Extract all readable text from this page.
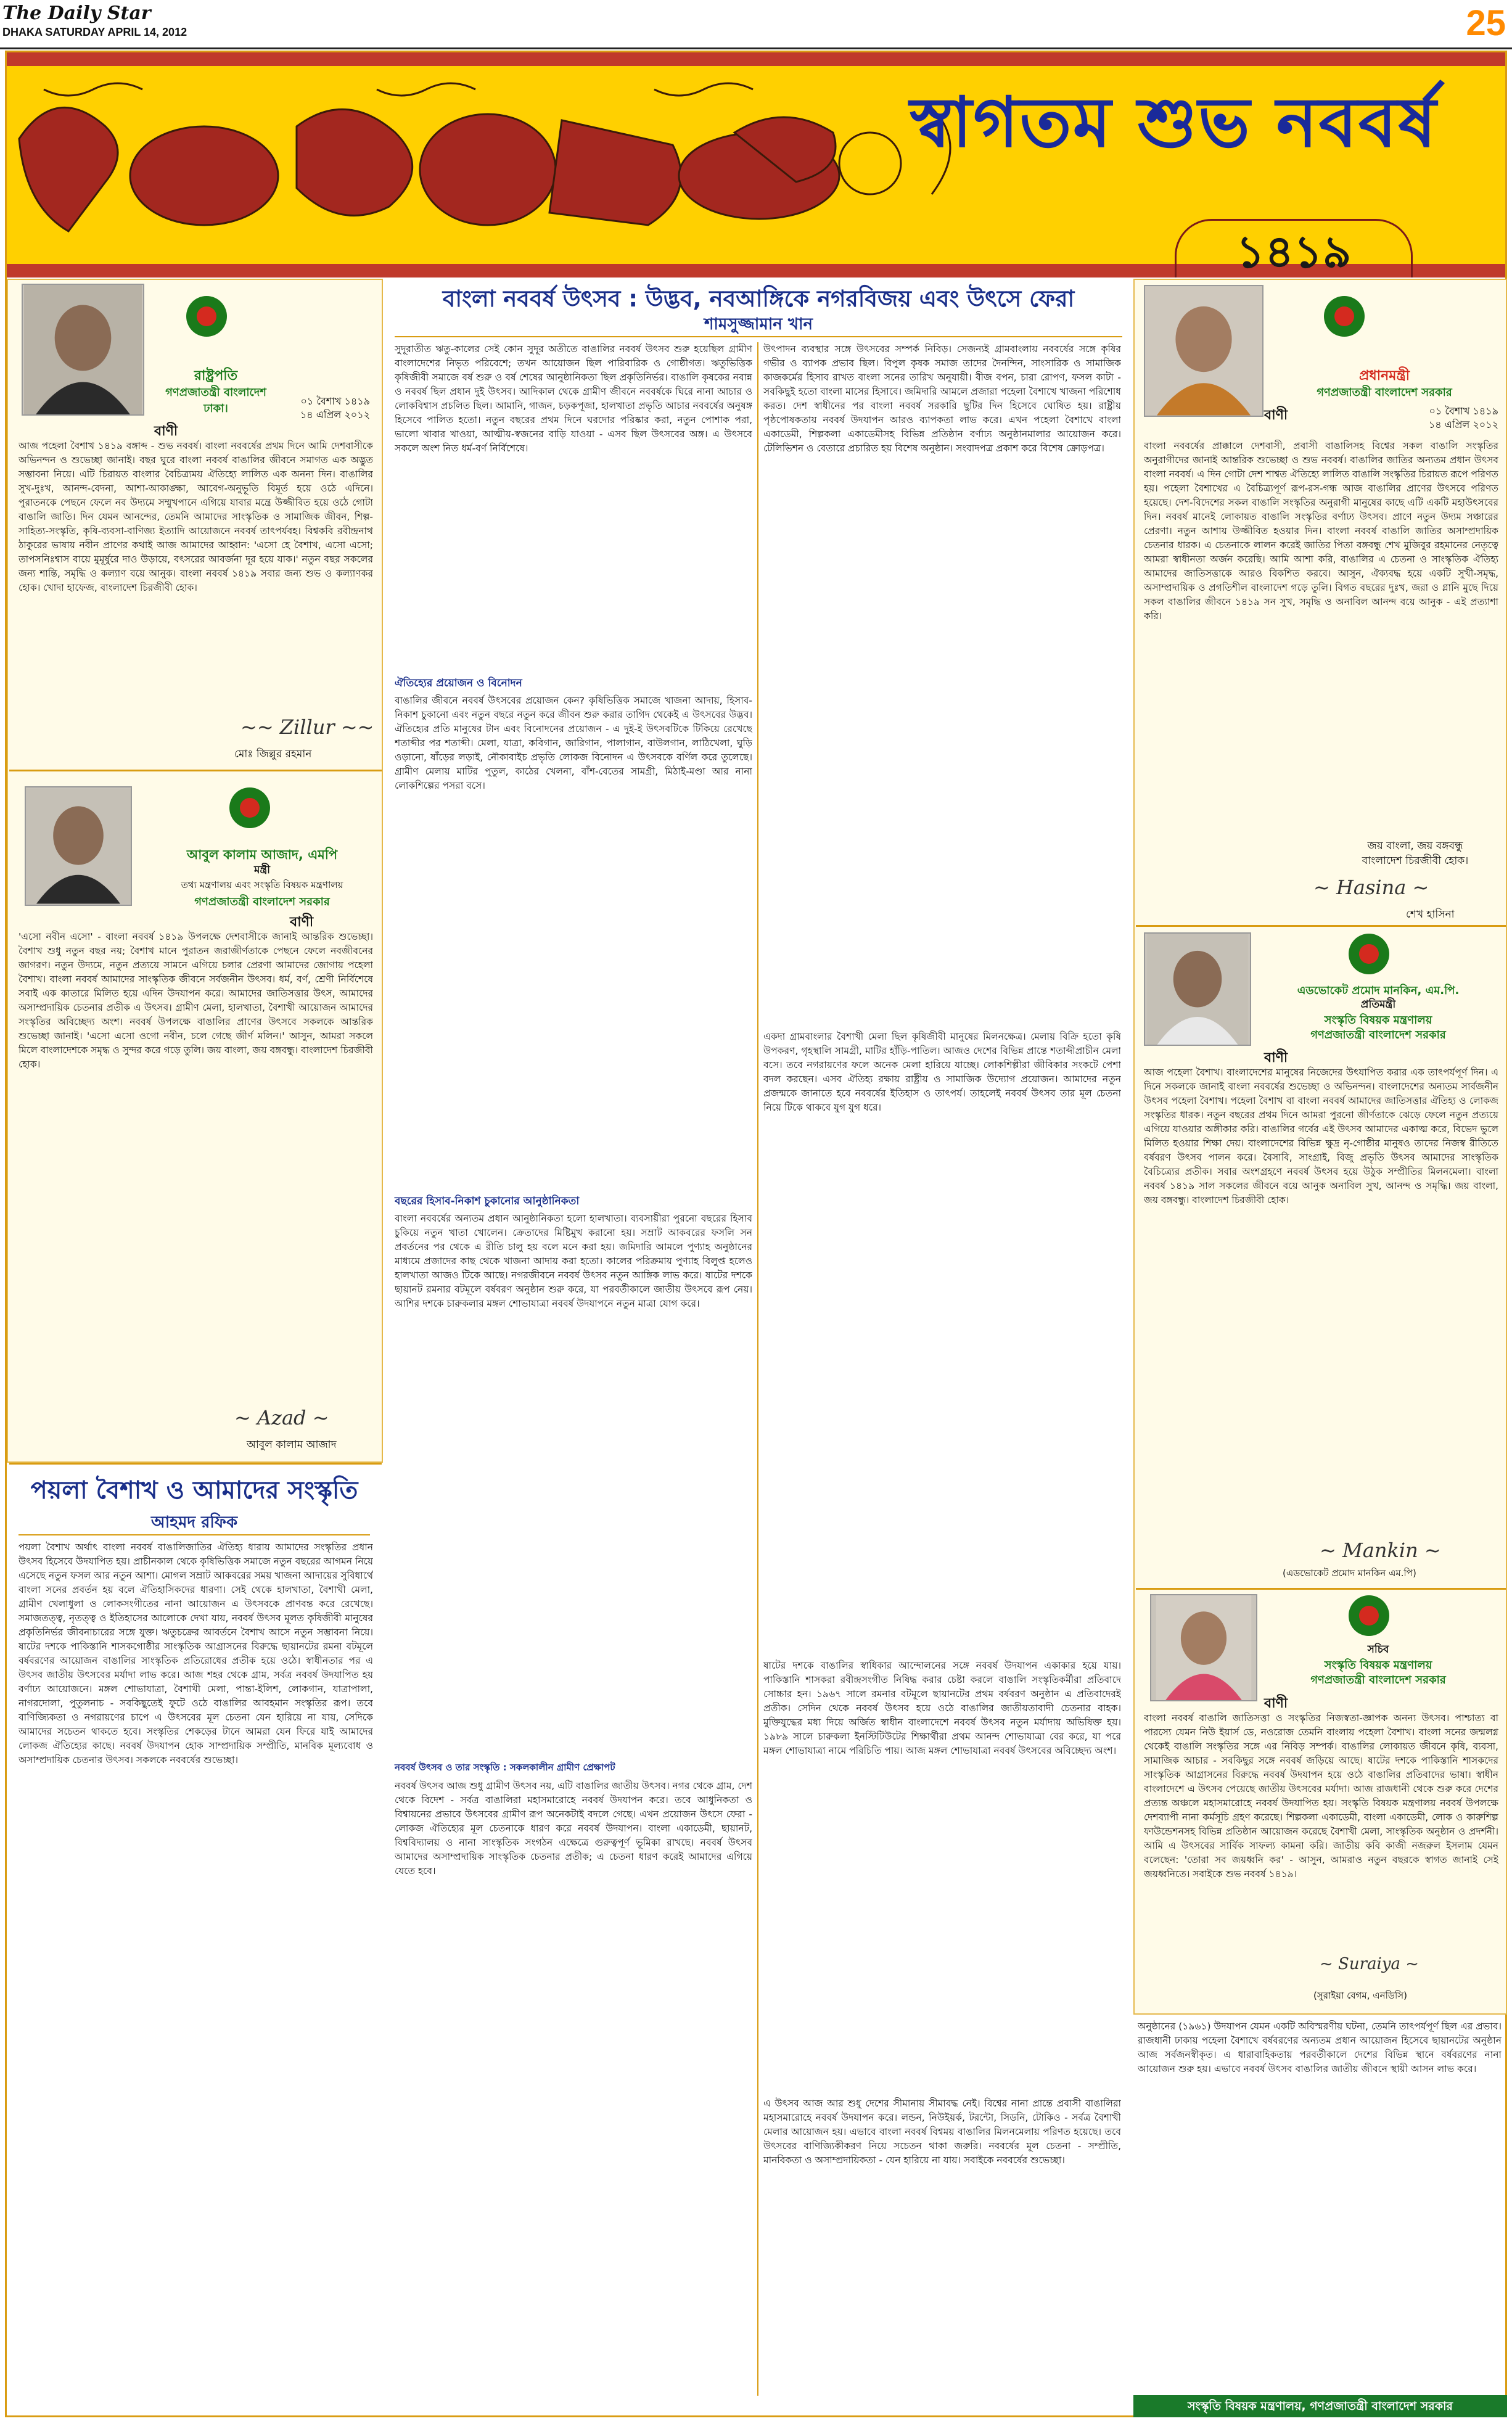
The Daily Star
DHAKA SATURDAY APRIL 14, 2012	25
স্বাগতম শুভ নববর্ষ
১৪১৯
রাষ্ট্রপতি
গণপ্রজাতন্ত্রী বাংলাদেশ
ঢাকা।
০১ বৈশাখ ১৪১৯
১৪ এপ্রিল ২০১২
বাণী
আজ পহেলা বৈশাখ ১৪১৯ বঙ্গাব্দ - শুভ নববর্ষ। বাংলা নববর্ষের প্রথম দিনে আমি দেশবাসীকে অভিনন্দন ও শুভেচ্ছা জানাই। বছর ঘুরে বাংলা নববর্ষ বাঙালির জীবনে সমাগত এক অদ্ভুত সম্ভাবনা নিয়ে। এটি চিরায়ত বাংলার বৈচিত্র্যময় ঐতিহ্যে লালিত এক অনন্য দিন। বাঙালির সুখ-দুঃখ, আনন্দ-বেদনা, আশা-আকাঙ্ক্ষা, আবেগ-অনুভূতি বিমূর্ত হয়ে ওঠে এদিনে। পুরাতনকে পেছনে ফেলে নব উদ্যমে সম্মুখপানে এগিয়ে যাবার মন্ত্রে উজ্জীবিত হয়ে ওঠে গোটা বাঙালি জাতি। দিন যেমন আনন্দের, তেমনি আমাদের সাংস্কৃতিক ও সামাজিক জীবন, শিল্প-সাহিত্য-সংস্কৃতি, কৃষি-ব্যবসা-বাণিজ্য ইত্যাদি আয়োজনে নববর্ষ তাৎপর্যবহ। বিশ্বকবি রবীন্দ্রনাথ ঠাকুরের ভাষায় নবীন প্রাণের কথাই আজ আমাদের আহ্বান: 'এসো হে বৈশাখ, এসো এসো; তাপসনিঃশ্বাস বায়ে মুমূর্ষুরে দাও উড়ায়ে, বৎসরের আবর্জনা দূর হয়ে যাক।' নতুন বছর সকলের জন্য শান্তি, সমৃদ্ধি ও কল্যাণ বয়ে আনুক। বাংলা নববর্ষ ১৪১৯ সবার জন্য শুভ ও কল্যাণকর হোক। খোদা হাফেজ, বাংলাদেশ চিরজীবী হোক।
~~ Zillur ~~
মোঃ জিল্লুর রহমান
আবুল কালাম আজাদ, এমপি
মন্ত্রী
তথ্য মন্ত্রণালয় এবং সংস্কৃতি বিষয়ক মন্ত্রণালয়
গণপ্রজাতন্ত্রী বাংলাদেশ সরকার
বাণী
'এসো নবীন এসো' - বাংলা নববর্ষ ১৪১৯ উপলক্ষে দেশবাসীকে জানাই আন্তরিক শুভেচ্ছা। বৈশাখ শুধু নতুন বছর নয়; বৈশাখ মানে পুরাতন জরাজীর্ণতাকে পেছনে ফেলে নবজীবনের জাগরণ। নতুন উদ্যমে, নতুন প্রত্যয়ে সামনে এগিয়ে চলার প্রেরণা আমাদের জোগায় পহেলা বৈশাখ। বাংলা নববর্ষ আমাদের সাংস্কৃতিক জীবনে সর্বজনীন উৎসব। ধর্ম, বর্ণ, শ্রেণী নির্বিশেষে সবাই এক কাতারে মিলিত হয়ে এদিন উদযাপন করে। আমাদের জাতিসত্তার উৎস, আমাদের অসাম্প্রদায়িক চেতনার প্রতীক এ উৎসব। গ্রামীণ মেলা, হালখাতা, বৈশাখী আয়োজন আমাদের সংস্কৃতির অবিচ্ছেদ্য অংশ। নববর্ষ উপলক্ষে বাঙালির প্রাণের উৎসবে সকলকে আন্তরিক শুভেচ্ছা জানাই। 'এসো এসো ওগো নবীন, চলে গেছে জীর্ণ মলিন।' আসুন, আমরা সকলে মিলে বাংলাদেশকে সমৃদ্ধ ও সুন্দর করে গড়ে তুলি। জয় বাংলা, জয় বঙ্গবন্ধু। বাংলাদেশ চিরজীবী হোক।
~ Azad ~
আবুল কালাম আজাদ
পয়লা বৈশাখ ও আমাদের সংস্কৃতি
আহমদ রফিক
পয়লা বৈশাখ অর্থাৎ বাংলা নববর্ষ বাঙালিজাতির ঐতিহ্য ধারায় আমাদের সংস্কৃতির প্রধান উৎসব হিসেবে উদযাপিত হয়। প্রাচীনকাল থেকে কৃষিভিত্তিক সমাজে নতুন বছরের আগমন নিয়ে এসেছে নতুন ফসল আর নতুন আশা। মোগল সম্রাট আকবরের সময় খাজনা আদায়ের সুবিধার্থে বাংলা সনের প্রবর্তন হয় বলে ঐতিহাসিকদের ধারণা। সেই থেকে হালখাতা, বৈশাখী মেলা, গ্রামীণ খেলাধুলা ও লোকসংগীতের নানা আয়োজন এ উৎসবকে প্রাণবন্ত করে রেখেছে। সমাজতত্ত্ব, নৃতত্ত্ব ও ইতিহাসের আলোকে দেখা যায়, নববর্ষ উৎসব মূলত কৃষিজীবী মানুষের প্রকৃতিনির্ভর জীবনাচারের সঙ্গে যুক্ত। ঋতুচক্রের আবর্তনে বৈশাখ আসে নতুন সম্ভাবনা নিয়ে। ষাটের দশকে পাকিস্তানি শাসকগোষ্ঠীর সাংস্কৃতিক আগ্রাসনের বিরুদ্ধে ছায়ানটের রমনা বটমূলে বর্ষবরণের আয়োজন বাঙালির সাংস্কৃতিক প্রতিরোধের প্রতীক হয়ে ওঠে। স্বাধীনতার পর এ উৎসব জাতীয় উৎসবের মর্যাদা লাভ করে। আজ শহর থেকে গ্রাম, সর্বত্র নববর্ষ উদযাপিত হয় বর্ণাঢ্য আয়োজনে। মঙ্গল শোভাযাত্রা, বৈশাখী মেলা, পান্তা-ইলিশ, লোকগান, যাত্রাপালা, নাগরদোলা, পুতুলনাচ - সবকিছুতেই ফুটে ওঠে বাঙালির আবহমান সংস্কৃতির রূপ। তবে বাণিজ্যিকতা ও নগরায়ণের চাপে এ উৎসবের মূল চেতনা যেন হারিয়ে না যায়, সেদিকে আমাদের সচেতন থাকতে হবে। সংস্কৃতির শেকড়ের টানে আমরা যেন ফিরে যাই আমাদের লোকজ ঐতিহ্যের কাছে। নববর্ষ উদযাপন হোক সাম্প্রদায়িক সম্প্রীতি, মানবিক মূল্যবোধ ও অসাম্প্রদায়িক চেতনার উৎসব। সকলকে নববর্ষের শুভেচ্ছা।
বাংলা নববর্ষ উৎসব : উদ্ভব, নবআঙ্গিকে নগরবিজয় এবং উৎসে ফেরা
শামসুজ্জামান খান
সুদূরাতীত ঋতু-কালের সেই কোন সুদূর অতীতে বাঙালির নববর্ষ উৎসব শুরু হয়েছিল গ্রামীণ বাংলাদেশের নিভৃত পরিবেশে; তখন আয়োজন ছিল পারিবারিক ও গোষ্ঠীগত। ঋতুভিত্তিক কৃষিজীবী সমাজে বর্ষ শুরু ও বর্ষ শেষের আনুষ্ঠানিকতা ছিল প্রকৃতিনির্ভর। বাঙালি কৃষকের নবান্ন ও নববর্ষ ছিল প্রধান দুই উৎসব। আদিকাল থেকে গ্রামীণ জীবনে নববর্ষকে ঘিরে নানা আচার ও লোকবিশ্বাস প্রচলিত ছিল। আমানি, গাজন, চড়কপূজা, হালখাতা প্রভৃতি আচার নববর্ষের অনুষঙ্গ হিসেবে পালিত হতো। নতুন বছরের প্রথম দিনে ঘরদোর পরিষ্কার করা, নতুন পোশাক পরা, ভালো খাবার খাওয়া, আত্মীয়-স্বজনের বাড়ি যাওয়া - এসব ছিল উৎসবের অঙ্গ। এ উৎসবে সকলে অংশ নিত ধর্ম-বর্ণ নির্বিশেষে।
ঐতিহ্যের প্রয়োজন ও বিনোদন
বাঙালির জীবনে নববর্ষ উৎসবের প্রয়োজন কেন? কৃষিভিত্তিক সমাজে খাজনা আদায়, হিসাব-নিকাশ চুকানো এবং নতুন বছরে নতুন করে জীবন শুরু করার তাগিদ থেকেই এ উৎসবের উদ্ভব। ঐতিহ্যের প্রতি মানুষের টান এবং বিনোদনের প্রয়োজন - এ দুই-ই উৎসবটিকে টিকিয়ে রেখেছে শতাব্দীর পর শতাব্দী। মেলা, যাত্রা, কবিগান, জারিগান, পালাগান, বাউলগান, লাঠিখেলা, ঘুড়ি ওড়ানো, ষাঁড়ের লড়াই, নৌকাবাইচ প্রভৃতি লোকজ বিনোদন এ উৎসবকে বর্ণিল করে তুলেছে। গ্রামীণ মেলায় মাটির পুতুল, কাঠের খেলনা, বাঁশ-বেতের সামগ্রী, মিঠাই-মণ্ডা আর নানা লোকশিল্পের পসরা বসে।
বছরের হিসাব-নিকাশ চুকানোর আনুষ্ঠানিকতা
বাংলা নববর্ষের অন্যতম প্রধান আনুষ্ঠানিকতা হলো হালখাতা। ব্যবসায়ীরা পুরনো বছরের হিসাব চুকিয়ে নতুন খাতা খোলেন। ক্রেতাদের মিষ্টিমুখ করানো হয়। সম্রাট আকবরের ফসলি সন প্রবর্তনের পর থেকে এ রীতি চালু হয় বলে মনে করা হয়। জমিদারি আমলে পুণ্যাহ অনুষ্ঠানের মাধ্যমে প্রজাদের কাছ থেকে খাজনা আদায় করা হতো। কালের পরিক্রমায় পুণ্যাহ বিলুপ্ত হলেও হালখাতা আজও টিকে আছে। নগরজীবনে নববর্ষ উৎসব নতুন আঙ্গিক লাভ করে। ষাটের দশকে ছায়ানট রমনার বটমূলে বর্ষবরণ অনুষ্ঠান শুরু করে, যা পরবর্তীকালে জাতীয় উৎসবে রূপ নেয়। আশির দশকে চারুকলার মঙ্গল শোভাযাত্রা নববর্ষ উদযাপনে নতুন মাত্রা যোগ করে।
নববর্ষ উৎসব ও তার সংস্কৃতি : সকলকালীন গ্রামীণ প্রেক্ষাপট
নববর্ষ উৎসব আজ শুধু গ্রামীণ উৎসব নয়, এটি বাঙালির জাতীয় উৎসব। নগর থেকে গ্রাম, দেশ থেকে বিদেশ - সর্বত্র বাঙালিরা মহাসমারোহে নববর্ষ উদযাপন করে। তবে আধুনিকতা ও বিশ্বায়নের প্রভাবে উৎসবের গ্রামীণ রূপ অনেকটাই বদলে গেছে। এখন প্রয়োজন উৎসে ফেরা - লোকজ ঐতিহ্যের মূল চেতনাকে ধারণ করে নববর্ষ উদযাপন। বাংলা একাডেমী, ছায়ানট, বিশ্ববিদ্যালয় ও নানা সাংস্কৃতিক সংগঠন এক্ষেত্রে গুরুত্বপূর্ণ ভূমিকা রাখছে। নববর্ষ উৎসব আমাদের অসাম্প্রদায়িক সাংস্কৃতিক চেতনার প্রতীক; এ চেতনা ধারণ করেই আমাদের এগিয়ে যেতে হবে।
উৎপাদন ব্যবস্থার সঙ্গে উৎসবের সম্পর্ক নিবিড়। সেজন্যই গ্রামবাংলায় নববর্ষের সঙ্গে কৃষির গভীর ও ব্যাপক প্রভাব ছিল। বিপুল কৃষক সমাজ তাদের দৈনন্দিন, সাংসারিক ও সামাজিক কাজকর্মের হিসাব রাখত বাংলা সনের তারিখ অনুযায়ী। বীজ বপন, চারা রোপণ, ফসল কাটা - সবকিছুই হতো বাংলা মাসের হিসাবে। জমিদারি আমলে প্রজারা পহেলা বৈশাখে খাজনা পরিশোধ করত। দেশ স্বাধীনের পর বাংলা নববর্ষ সরকারি ছুটির দিন হিসেবে ঘোষিত হয়। রাষ্ট্রীয় পৃষ্ঠপোষকতায় নববর্ষ উদযাপন আরও ব্যাপকতা লাভ করে। এখন পহেলা বৈশাখে বাংলা একাডেমী, শিল্পকলা একাডেমীসহ বিভিন্ন প্রতিষ্ঠান বর্ণাঢ্য অনুষ্ঠানমালার আয়োজন করে। টেলিভিশন ও বেতারে প্রচারিত হয় বিশেষ অনুষ্ঠান। সংবাদপত্র প্রকাশ করে বিশেষ ক্রোড়পত্র।
একদা গ্রামবাংলার বৈশাখী মেলা ছিল কৃষিজীবী মানুষের মিলনক্ষেত্র। মেলায় বিক্রি হতো কৃষি উপকরণ, গৃহস্থালি সামগ্রী, মাটির হাঁড়ি-পাতিল। আজও দেশের বিভিন্ন প্রান্তে শতাব্দীপ্রাচীন মেলা বসে। তবে নগরায়ণের ফলে অনেক মেলা হারিয়ে যাচ্ছে। লোকশিল্পীরা জীবিকার সংকটে পেশা বদল করছেন। এসব ঐতিহ্য রক্ষায় রাষ্ট্রীয় ও সামাজিক উদ্যোগ প্রয়োজন। আমাদের নতুন প্রজন্মকে জানাতে হবে নববর্ষের ইতিহাস ও তাৎপর্য। তাহলেই নববর্ষ উৎসব তার মূল চেতনা নিয়ে টিকে থাকবে যুগ যুগ ধরে।
ষাটের দশকে বাঙালির স্বাধিকার আন্দোলনের সঙ্গে নববর্ষ উদযাপন একাকার হয়ে যায়। পাকিস্তানি শাসকরা রবীন্দ্রসংগীত নিষিদ্ধ করার চেষ্টা করলে বাঙালি সংস্কৃতিকর্মীরা প্রতিবাদে সোচ্চার হন। ১৯৬৭ সালে রমনার বটমূলে ছায়ানটের প্রথম বর্ষবরণ অনুষ্ঠান এ প্রতিবাদেরই প্রতীক। সেদিন থেকে নববর্ষ উৎসব হয়ে ওঠে বাঙালির জাতীয়তাবাদী চেতনার বাহক। মুক্তিযুদ্ধের মধ্য দিয়ে অর্জিত স্বাধীন বাংলাদেশে নববর্ষ উৎসব নতুন মর্যাদায় অভিষিক্ত হয়। ১৯৮৯ সালে চারুকলা ইনস্টিটিউটের শিক্ষার্থীরা প্রথম আনন্দ শোভাযাত্রা বের করে, যা পরে মঙ্গল শোভাযাত্রা নামে পরিচিতি পায়। আজ মঙ্গল শোভাযাত্রা নববর্ষ উৎসবের অবিচ্ছেদ্য অংশ।
এ উৎসব আজ আর শুধু দেশের সীমানায় সীমাবদ্ধ নেই। বিশ্বের নানা প্রান্তে প্রবাসী বাঙালিরা মহাসমারোহে নববর্ষ উদযাপন করে। লন্ডন, নিউইয়র্ক, টরন্টো, সিডনি, টোকিও - সর্বত্র বৈশাখী মেলার আয়োজন হয়। এভাবে বাংলা নববর্ষ বিশ্বময় বাঙালির মিলনমেলায় পরিণত হয়েছে। তবে উৎসবের বাণিজ্যিকীকরণ নিয়ে সচেতন থাকা জরুরি। নববর্ষের মূল চেতনা - সম্প্রীতি, মানবিকতা ও অসাম্প্রদায়িকতা - যেন হারিয়ে না যায়। সবাইকে নববর্ষের শুভেচ্ছা।
প্রধানমন্ত্রী
গণপ্রজাতন্ত্রী বাংলাদেশ সরকার
০১ বৈশাখ ১৪১৯
১৪ এপ্রিল ২০১২
বাণী
বাংলা নববর্ষের প্রাক্কালে দেশবাসী, প্রবাসী বাঙালিসহ বিশ্বের সকল বাঙালি সংস্কৃতির অনুরাগীদের জানাই আন্তরিক শুভেচ্ছা ও শুভ নববর্ষ। বাঙালির জাতির অন্যতম প্রধান উৎসব বাংলা নববর্ষ। এ দিন গোটা দেশ শাশ্বত ঐতিহ্যে লালিত বাঙালি সংস্কৃতির চিরায়ত রূপে পরিণত হয়। পহেলা বৈশাখের এ বৈচিত্র্যপূর্ণ রূপ-রস-গন্ধ আজ বাঙালির প্রাণের উৎসবে পরিণত হয়েছে। দেশ-বিদেশের সকল বাঙালি সংস্কৃতির অনুরাগী মানুষের কাছে এটি একটি মহাউৎসবের দিন। নববর্ষ মানেই লোকায়ত বাঙালি সংস্কৃতির বর্ণাঢ্য উৎসব। প্রাণে নতুন উদ্যম সঞ্চারের প্রেরণা। নতুন আশায় উজ্জীবিত হওয়ার দিন। বাংলা নববর্ষ বাঙালি জাতির অসাম্প্রদায়িক চেতনার ধারক। এ চেতনাকে লালন করেই জাতির পিতা বঙ্গবন্ধু শেখ মুজিবুর রহমানের নেতৃত্বে আমরা স্বাধীনতা অর্জন করেছি। আমি আশা করি, বাঙালির এ চেতনা ও সাংস্কৃতিক ঐতিহ্য আমাদের জাতিসত্তাকে আরও বিকশিত করবে। আসুন, ঐক্যবদ্ধ হয়ে একটি সুখী-সমৃদ্ধ, অসাম্প্রদায়িক ও প্রগতিশীল বাংলাদেশ গড়ে তুলি। বিগত বছরের দুঃখ, জরা ও গ্লানি মুছে দিয়ে সকল বাঙালির জীবনে ১৪১৯ সন সুখ, সমৃদ্ধি ও অনাবিল আনন্দ বয়ে আনুক - এই প্রত্যাশা করি।
জয় বাংলা, জয় বঙ্গবন্ধু
বাংলাদেশ চিরজীবী হোক।
~ Hasina ~
শেখ হাসিনা
এডভোকেট প্রমোদ মানকিন, এম.পি.
প্রতিমন্ত্রী
সংস্কৃতি বিষয়ক মন্ত্রণালয়
গণপ্রজাতন্ত্রী বাংলাদেশ সরকার
বাণী
আজ পহেলা বৈশাখ। বাংলাদেশের মানুষের নিজেদের উৎযাপিত করার এক তাৎপর্যপূর্ণ দিন। এ দিনে সকলকে জানাই বাংলা নববর্ষের শুভেচ্ছা ও অভিনন্দন। বাংলাদেশের অন্যতম সার্বজনীন উৎসব পহেলা বৈশাখ। পহেলা বৈশাখ বা বাংলা নববর্ষ আমাদের জাতিসত্তার ঐতিহ্য ও লোকজ সংস্কৃতির ধারক। নতুন বছরের প্রথম দিনে আমরা পুরনো জীর্ণতাকে ঝেড়ে ফেলে নতুন প্রত্যয়ে এগিয়ে যাওয়ার অঙ্গীকার করি। বাঙালির গর্বের এই উৎসব আমাদের একাত্ম করে, বিভেদ ভুলে মিলিত হওয়ার শিক্ষা দেয়। বাংলাদেশের বিভিন্ন ক্ষুদ্র নৃ-গোষ্ঠীর মানুষও তাদের নিজস্ব রীতিতে বর্ষবরণ উৎসব পালন করে। বৈসাবি, সাংগ্রাই, বিজু প্রভৃতি উৎসব আমাদের সাংস্কৃতিক বৈচিত্র্যের প্রতীক। সবার অংশগ্রহণে নববর্ষ উৎসব হয়ে উঠুক সম্প্রীতির মিলনমেলা। বাংলা নববর্ষ ১৪১৯ সাল সকলের জীবনে বয়ে আনুক অনাবিল সুখ, আনন্দ ও সমৃদ্ধি। জয় বাংলা, জয় বঙ্গবন্ধু। বাংলাদেশ চিরজীবী হোক।
~ Mankin ~
(এডভোকেট প্রমোদ মানকিন এম.পি)
সচিব
সংস্কৃতি বিষয়ক মন্ত্রণালয়
গণপ্রজাতন্ত্রী বাংলাদেশ সরকার
বাণী
বাংলা নববর্ষ বাঙালি জাতিসত্তা ও সংস্কৃতির নিজস্বতা-জ্ঞাপক অনন্য উৎসব। পাশ্চাত্য বা পারস্যে যেমন নিউ ইয়ার্স ডে, নওরোজ তেমনি বাংলায় পহেলা বৈশাখ। বাংলা সনের জন্মলগ্ন থেকেই বাঙালি সংস্কৃতির সঙ্গে এর নিবিড় সম্পর্ক। বাঙালির লোকায়ত জীবনে কৃষি, ব্যবসা, সামাজিক আচার - সবকিছুর সঙ্গে নববর্ষ জড়িয়ে আছে। ষাটের দশকে পাকিস্তানি শাসকদের সাংস্কৃতিক আগ্রাসনের বিরুদ্ধে নববর্ষ উদযাপন হয়ে ওঠে বাঙালির প্রতিবাদের ভাষা। স্বাধীন বাংলাদেশে এ উৎসব পেয়েছে জাতীয় উৎসবের মর্যাদা। আজ রাজধানী থেকে শুরু করে দেশের প্রত্যন্ত অঞ্চলে মহাসমারোহে নববর্ষ উদযাপিত হয়। সংস্কৃতি বিষয়ক মন্ত্রণালয় নববর্ষ উপলক্ষে দেশব্যাপী নানা কর্মসূচি গ্রহণ করেছে। শিল্পকলা একাডেমী, বাংলা একাডেমী, লোক ও কারুশিল্প ফাউন্ডেশনসহ বিভিন্ন প্রতিষ্ঠান আয়োজন করেছে বৈশাখী মেলা, সাংস্কৃতিক অনুষ্ঠান ও প্রদর্শনী। আমি এ উৎসবের সার্বিক সাফল্য কামনা করি। জাতীয় কবি কাজী নজরুল ইসলাম যেমন বলেছেন: 'তোরা সব জয়ধ্বনি কর' - আসুন, আমরাও নতুন বছরকে স্বাগত জানাই সেই জয়ধ্বনিতে। সবাইকে শুভ নববর্ষ ১৪১৯।
~ Suraiya ~
(সুরাইয়া বেগম, এনডিসি)
অনুষ্ঠানের (১৯৬১) উদযাপন যেমন একটি অবিস্মরণীয় ঘটনা, তেমনি তাৎপর্যপূর্ণ ছিল এর প্রভাব। রাজধানী ঢাকায় পহেলা বৈশাখে বর্ষবরণের অন্যতম প্রধান আয়োজন হিসেবে ছায়ানটের অনুষ্ঠান আজ সর্বজনস্বীকৃত। এ ধারাবাহিকতায় পরবর্তীকালে দেশের বিভিন্ন স্থানে বর্ষবরণের নানা আয়োজন শুরু হয়। এভাবে নববর্ষ উৎসব বাঙালির জাতীয় জীবনে স্থায়ী আসন লাভ করে।
সংস্কৃতি বিষয়ক মন্ত্রণালয়, গণপ্রজাতন্ত্রী বাংলাদেশ সরকার
